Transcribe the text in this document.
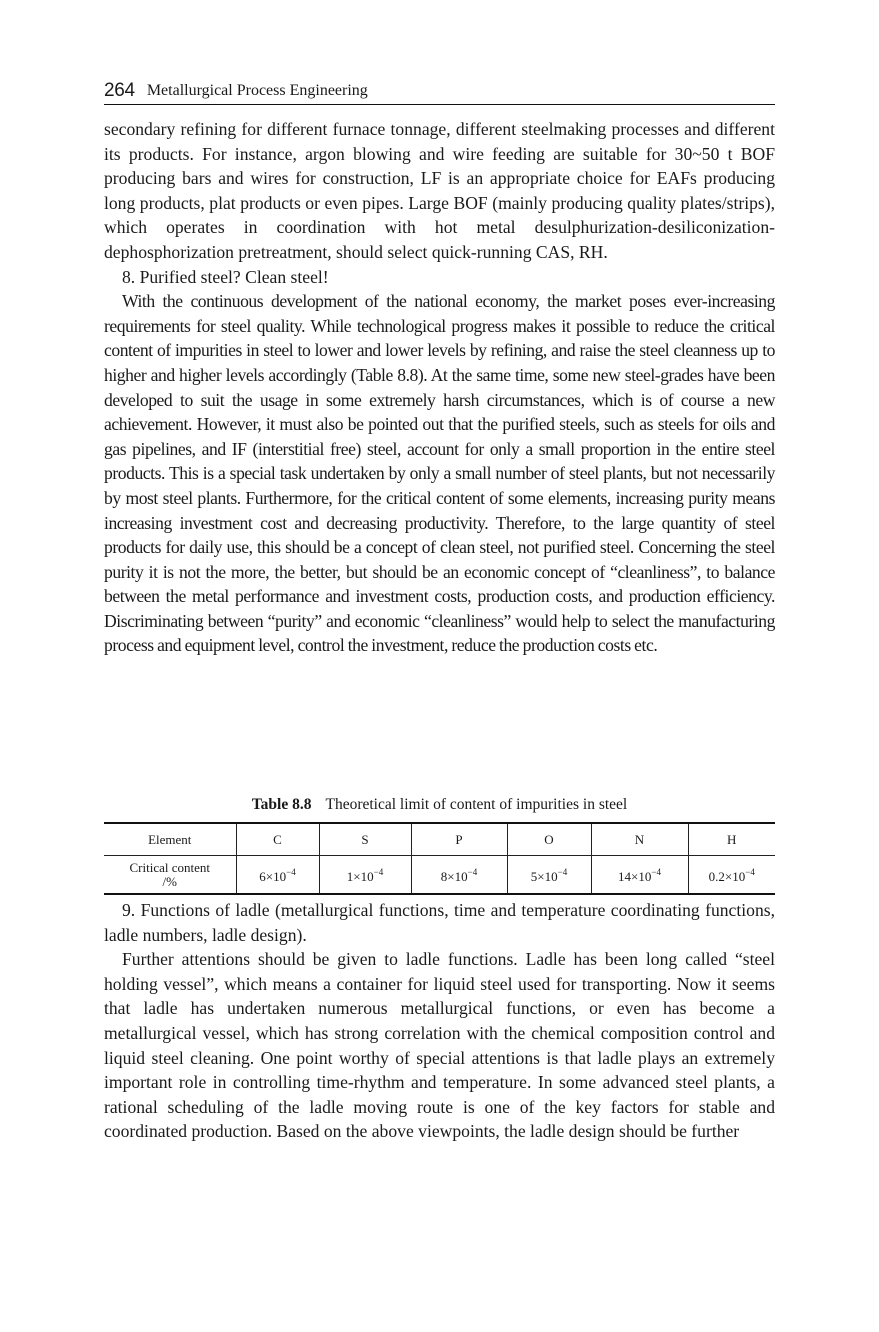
264 Metallurgical Process Engineering

secondary refining for different furnace tonnage, different steelmaking processes and different its products. For instance, argon blowing and wire feeding are suitable for 30~50 t BOF producing bars and wires for construction, LF is an appropriate choice for EAFs producing long products, plat products or even pipes. Large BOF (mainly producing quality plates/strips), which operates in coordination with hot metal desulphurization-desiliconization-dephosphorization pretreatment, should select quick-running CAS, RH.

8. Purified steel? Clean steel!

With the continuous development of the national economy, the market poses ever-increasing requirements for steel quality. While technological progress makes it possible to reduce the critical content of impurities in steel to lower and lower levels by refining, and raise the steel cleanness up to higher and higher levels accordingly (Table 8.8). At the same time, some new steel-grades have been developed to suit the usage in some extremely harsh circumstances, which is of course a new achievement. However, it must also be pointed out that the purified steels, such as steels for oils and gas pipelines, and IF (interstitial free) steel, account for only a small proportion in the entire steel products. This is a special task undertaken by only a small number of steel plants, but not necessarily by most steel plants. Furthermore, for the critical content of some elements, increasing purity means increasing investment cost and decreasing productivity. Therefore, to the large quantity of steel products for daily use, this should be a concept of clean steel, not purified steel. Concerning the steel purity it is not the more, the better, but should be an economic concept of “cleanliness”, to balance between the metal performance and investment costs, production costs, and production efficiency. Discriminating between “purity” and economic “cleanliness” would help to select the manufacturing process and equipment level, control the investment, reduce the production costs etc.

Table 8.8 Theoretical limit of content of impurities in steel
Element	C	S	P	O	N	H
Critical content
/%	$6\times 10^{-4}$	$1\times 10^{-4}$	$8\times 10^{-4}$	$5\times 10^{-4}$	$14\times 10^{-4}$	$0.2\times 10^{-4}$

9. Functions of ladle (metallurgical functions, time and temperature coordinating functions, ladle numbers, ladle design).

Further attentions should be given to ladle functions. Ladle has been long called “steel holding vessel”, which means a container for liquid steel used for transporting. Now it seems that ladle has undertaken numerous metallurgical functions, or even has become a metallurgical vessel, which has strong correlation with the chemical composition control and liquid steel cleaning. One point worthy of special attentions is that ladle plays an extremely important role in controlling time-rhythm and temperature. In some advanced steel plants, a rational scheduling of the ladle moving route is one of the key factors for stable and coordinated production. Based on the above viewpoints, the ladle design should be further
